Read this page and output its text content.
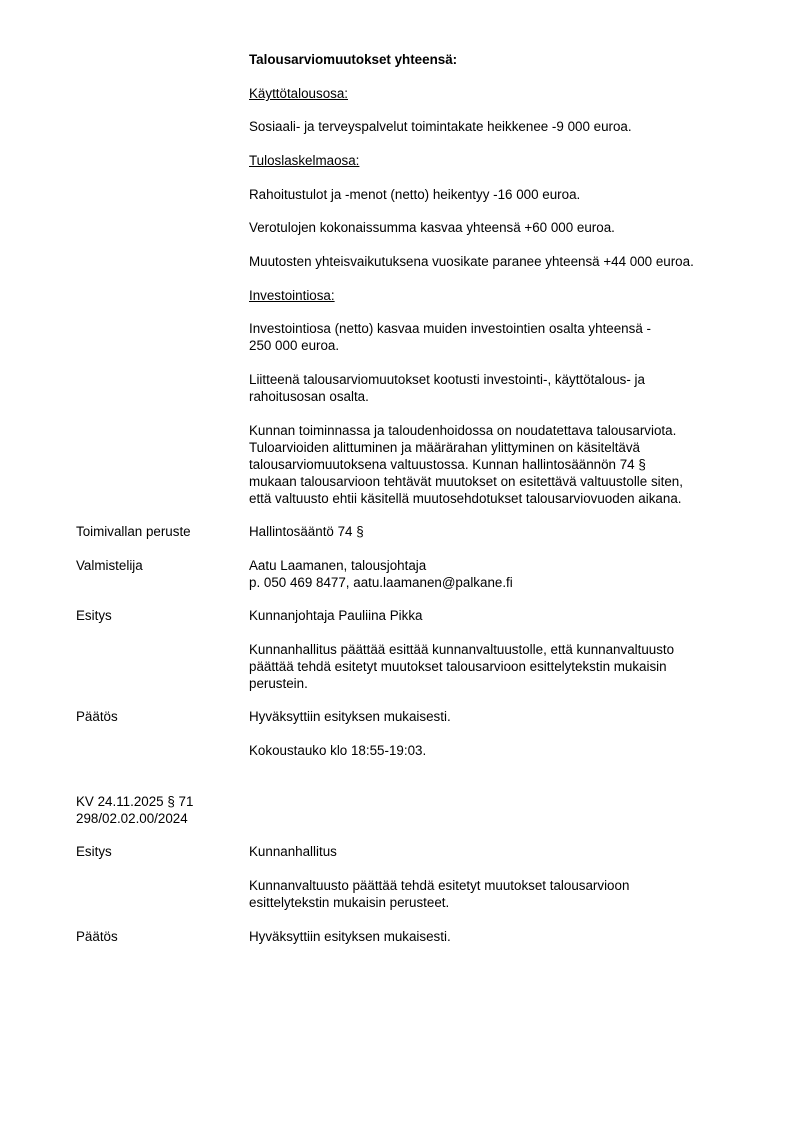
Talousarviomuutokset yhteensä:
Käyttötalousosa:
Sosiaali- ja terveyspalvelut toimintakate heikkenee -9 000 euroa.
Tuloslaskelmaosa:
Rahoitustulot ja -menot (netto) heikentyy -16 000 euroa.
Verotulojen kokonaissumma kasvaa yhteensä +60 000 euroa.
Muutosten yhteisvaikutuksena vuosikate paranee yhteensä +44 000 euroa.
Investointiosa:
Investointiosa (netto) kasvaa muiden investointien osalta yhteensä -
250 000 euroa.
Liitteenä talousarviomuutokset kootusti investointi-, käyttötalous- ja
rahoitusosan osalta.
Kunnan toiminnassa ja taloudenhoidossa on noudatettava talousarviota.
Tuloarvioiden alittuminen ja määrärahan ylittyminen on käsiteltävä
talousarviomuutoksena valtuustossa. Kunnan hallintosäännön 74 §
mukaan talousarvioon tehtävät muutokset on esitettävä valtuustolle siten,
että valtuusto ehtii käsitellä muutosehdotukset talousarviovuoden aikana.
Toimivallan peruste	Hallintosääntö 74 §
Valmistelija	Aatu Laamanen, talousjohtaja
p. 050 469 8477, aatu.laamanen@palkane.fi
Esitys	Kunnanjohtaja Pauliina Pikka
Kunnanhallitus päättää esittää kunnanvaltuustolle, että kunnanvaltuusto
päättää tehdä esitetyt muutokset talousarvioon esittelytekstin mukaisin
perustein.
Päätös	Hyväksyttiin esityksen mukaisesti.
Kokoustauko klo 18:55-19:03.
KV 24.11.2025 § 71
298/02.02.00/2024
Esitys	Kunnanhallitus
Kunnanvaltuusto päättää tehdä esitetyt muutokset talousarvioon
esittelytekstin mukaisin perusteet.
Päätös	Hyväksyttiin esityksen mukaisesti.
